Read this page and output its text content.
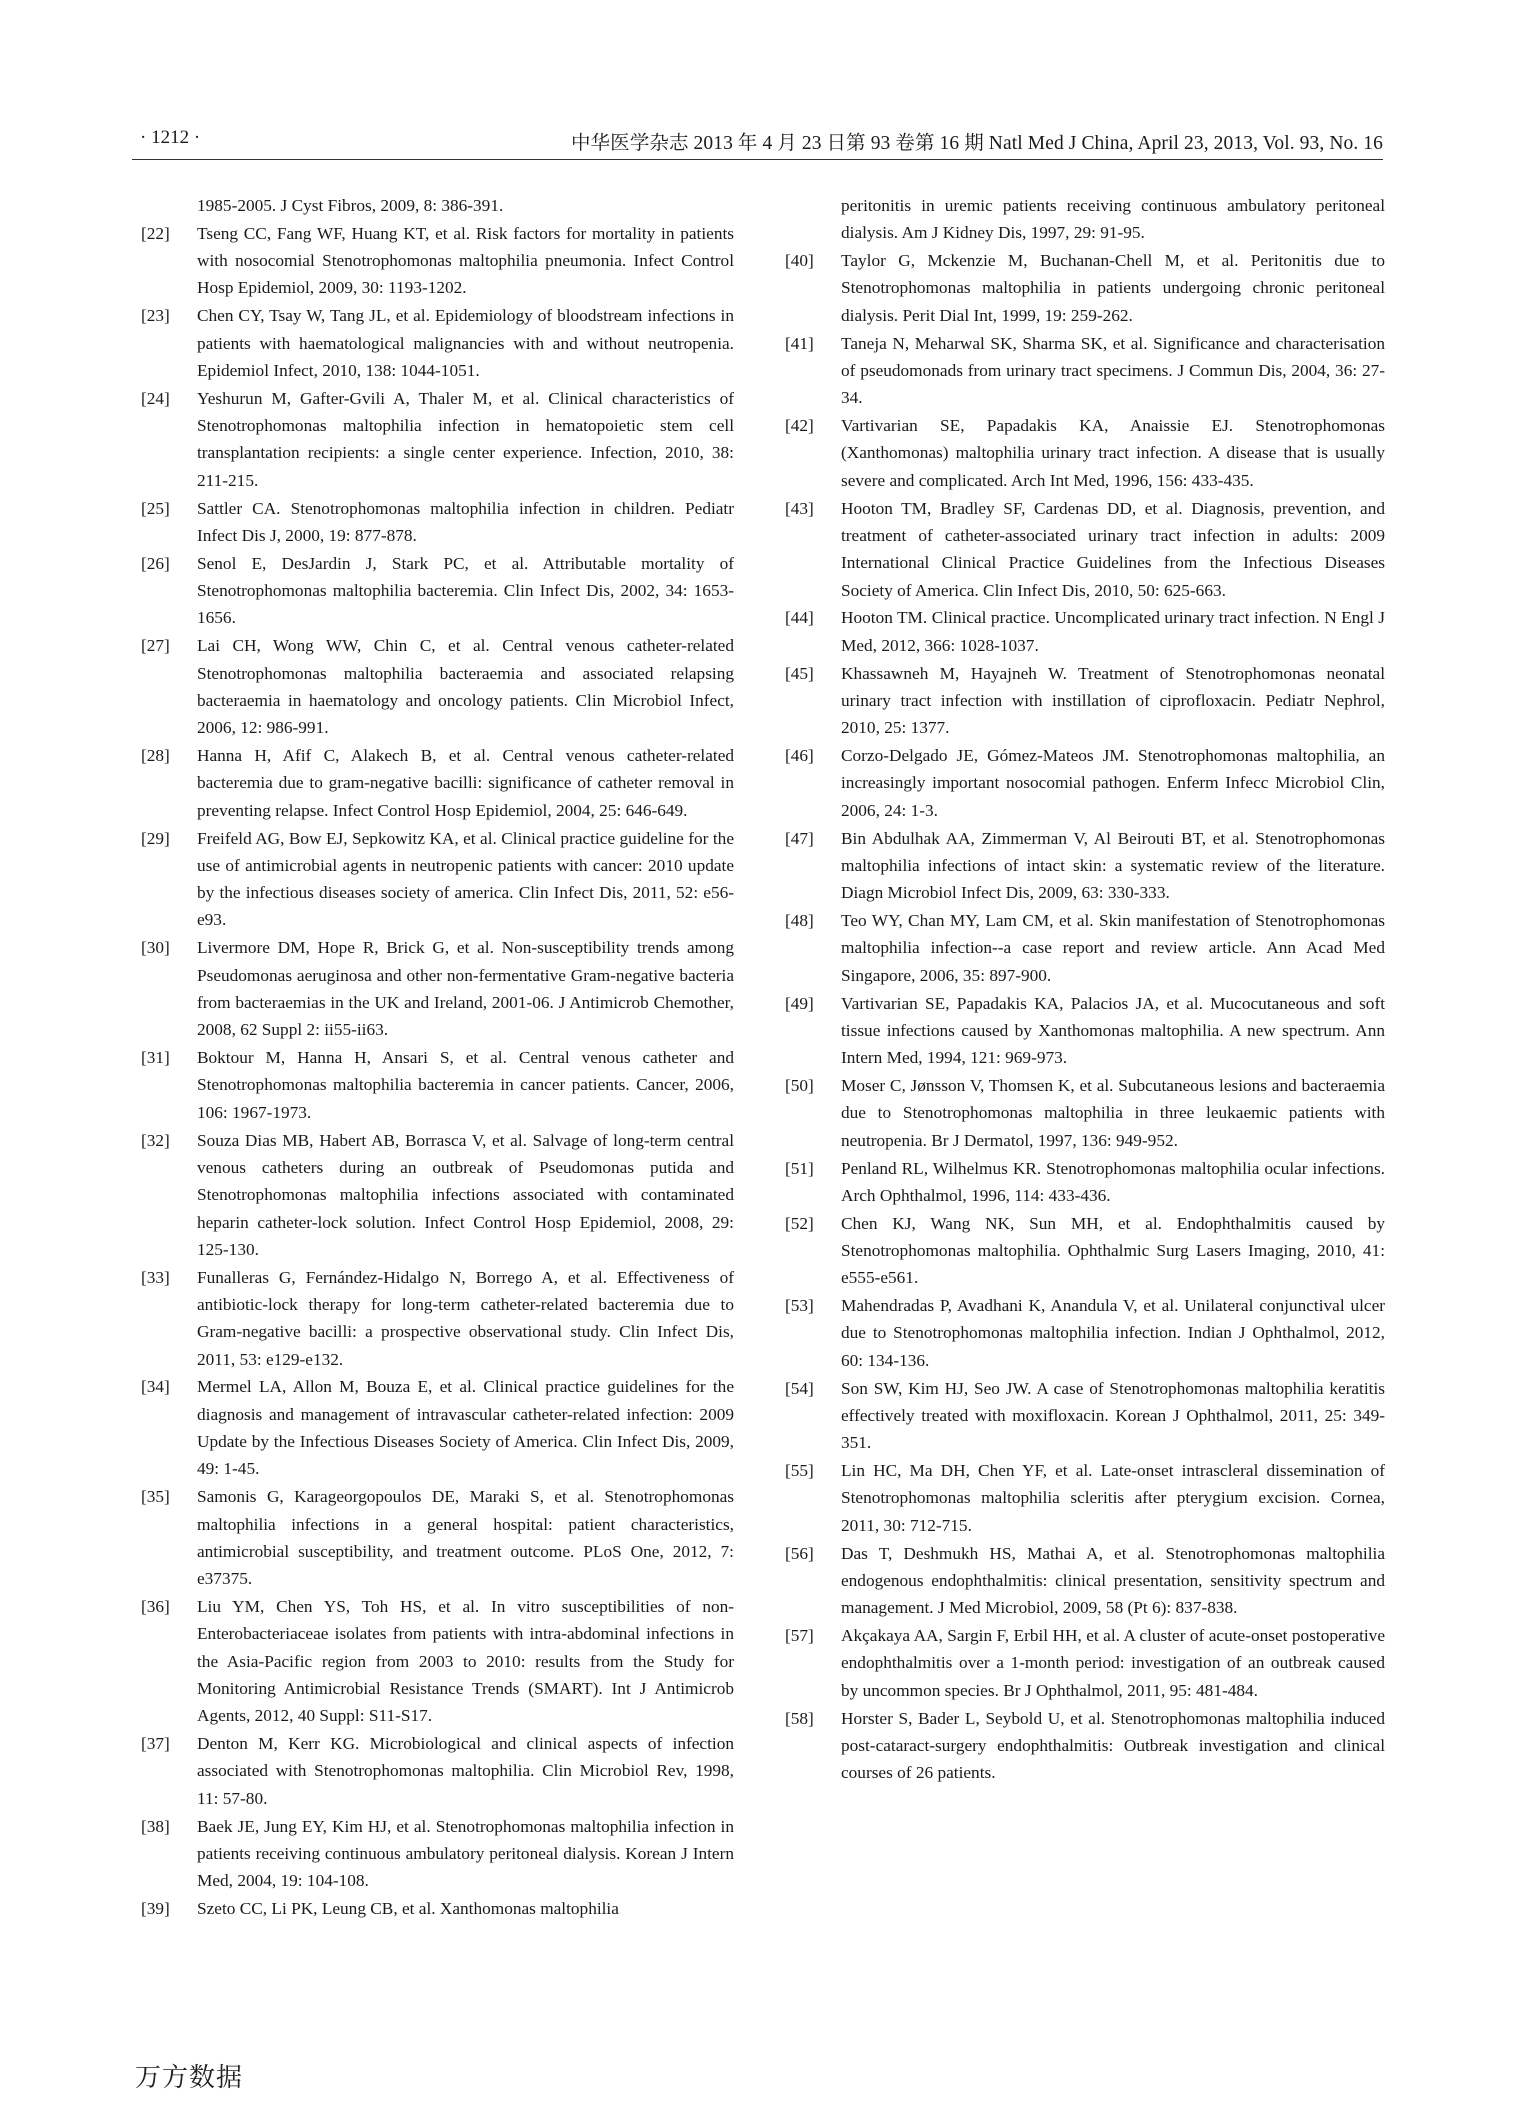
· 1212 ·	中华医学杂志 2013 年 4 月 23 日第 93 卷第 16 期 Natl Med J China, April 23, 2013, Vol. 93, No. 16
1985-2005. J Cyst Fibros, 2009, 8: 386-391.
[22]	Tseng CC, Fang WF, Huang KT, et al. Risk factors for mortality in patients with nosocomial Stenotrophomonas maltophilia pneumonia. Infect Control Hosp Epidemiol, 2009, 30: 1193-1202.
[23]	Chen CY, Tsay W, Tang JL, et al. Epidemiology of bloodstream infections in patients with haematological malignancies with and without neutropenia. Epidemiol Infect, 2010, 138: 1044-1051.
[24]	Yeshurun M, Gafter-Gvili A, Thaler M, et al. Clinical characteristics of Stenotrophomonas maltophilia infection in hematopoietic stem cell transplantation recipients: a single center experience. Infection, 2010, 38: 211-215.
[25]	Sattler CA. Stenotrophomonas maltophilia infection in children. Pediatr Infect Dis J, 2000, 19: 877-878.
[26]	Senol E, DesJardin J, Stark PC, et al. Attributable mortality of Stenotrophomonas maltophilia bacteremia. Clin Infect Dis, 2002, 34: 1653-1656.
[27]	Lai CH, Wong WW, Chin C, et al. Central venous catheter-related Stenotrophomonas maltophilia bacteraemia and associated relapsing bacteraemia in haematology and oncology patients. Clin Microbiol Infect, 2006, 12: 986-991.
[28]	Hanna H, Afif C, Alakech B, et al. Central venous catheter-related bacteremia due to gram-negative bacilli: significance of catheter removal in preventing relapse. Infect Control Hosp Epidemiol, 2004, 25: 646-649.
[29]	Freifeld AG, Bow EJ, Sepkowitz KA, et al. Clinical practice guideline for the use of antimicrobial agents in neutropenic patients with cancer: 2010 update by the infectious diseases society of america. Clin Infect Dis, 2011, 52: e56-e93.
[30]	Livermore DM, Hope R, Brick G, et al. Non-susceptibility trends among Pseudomonas aeruginosa and other non-fermentative Gram-negative bacteria from bacteraemias in the UK and Ireland, 2001-06. J Antimicrob Chemother, 2008, 62 Suppl 2: ii55-ii63.
[31]	Boktour M, Hanna H, Ansari S, et al. Central venous catheter and Stenotrophomonas maltophilia bacteremia in cancer patients. Cancer, 2006, 106: 1967-1973.
[32]	Souza Dias MB, Habert AB, Borrasca V, et al. Salvage of long-term central venous catheters during an outbreak of Pseudomonas putida and Stenotrophomonas maltophilia infections associated with contaminated heparin catheter-lock solution. Infect Control Hosp Epidemiol, 2008, 29: 125-130.
[33]	Funalleras G, Fernández-Hidalgo N, Borrego A, et al. Effectiveness of antibiotic-lock therapy for long-term catheter-related bacteremia due to Gram-negative bacilli: a prospective observational study. Clin Infect Dis, 2011, 53: e129-e132.
[34]	Mermel LA, Allon M, Bouza E, et al. Clinical practice guidelines for the diagnosis and management of intravascular catheter-related infection: 2009 Update by the Infectious Diseases Society of America. Clin Infect Dis, 2009, 49: 1-45.
[35]	Samonis G, Karageorgopoulos DE, Maraki S, et al. Stenotrophomonas maltophilia infections in a general hospital: patient characteristics, antimicrobial susceptibility, and treatment outcome. PLoS One, 2012, 7: e37375.
[36]	Liu YM, Chen YS, Toh HS, et al. In vitro susceptibilities of non-Enterobacteriaceae isolates from patients with intra-abdominal infections in the Asia-Pacific region from 2003 to 2010: results from the Study for Monitoring Antimicrobial Resistance Trends (SMART). Int J Antimicrob Agents, 2012, 40 Suppl: S11-S17.
[37]	Denton M, Kerr KG. Microbiological and clinical aspects of infection associated with Stenotrophomonas maltophilia. Clin Microbiol Rev, 1998, 11: 57-80.
[38]	Baek JE, Jung EY, Kim HJ, et al. Stenotrophomonas maltophilia infection in patients receiving continuous ambulatory peritoneal dialysis. Korean J Intern Med, 2004, 19: 104-108.
[39]	Szeto CC, Li PK, Leung CB, et al. Xanthomonas maltophilia
peritonitis in uremic patients receiving continuous ambulatory peritoneal dialysis. Am J Kidney Dis, 1997, 29: 91-95.
[40]	Taylor G, Mckenzie M, Buchanan-Chell M, et al. Peritonitis due to Stenotrophomonas maltophilia in patients undergoing chronic peritoneal dialysis. Perit Dial Int, 1999, 19: 259-262.
[41]	Taneja N, Meharwal SK, Sharma SK, et al. Significance and characterisation of pseudomonads from urinary tract specimens. J Commun Dis, 2004, 36: 27-34.
[42]	Vartivarian SE, Papadakis KA, Anaissie EJ. Stenotrophomonas (Xanthomonas) maltophilia urinary tract infection. A disease that is usually severe and complicated. Arch Int Med, 1996, 156: 433-435.
[43]	Hooton TM, Bradley SF, Cardenas DD, et al. Diagnosis, prevention, and treatment of catheter-associated urinary tract infection in adults: 2009 International Clinical Practice Guidelines from the Infectious Diseases Society of America. Clin Infect Dis, 2010, 50: 625-663.
[44]	Hooton TM. Clinical practice. Uncomplicated urinary tract infection. N Engl J Med, 2012, 366: 1028-1037.
[45]	Khassawneh M, Hayajneh W. Treatment of Stenotrophomonas neonatal urinary tract infection with instillation of ciprofloxacin. Pediatr Nephrol, 2010, 25: 1377.
[46]	Corzo-Delgado JE, Gómez-Mateos JM. Stenotrophomonas maltophilia, an increasingly important nosocomial pathogen. Enferm Infecc Microbiol Clin, 2006, 24: 1-3.
[47]	Bin Abdulhak AA, Zimmerman V, Al Beirouti BT, et al. Stenotrophomonas maltophilia infections of intact skin: a systematic review of the literature. Diagn Microbiol Infect Dis, 2009, 63: 330-333.
[48]	Teo WY, Chan MY, Lam CM, et al. Skin manifestation of Stenotrophomonas maltophilia infection--a case report and review article. Ann Acad Med Singapore, 2006, 35: 897-900.
[49]	Vartivarian SE, Papadakis KA, Palacios JA, et al. Mucocutaneous and soft tissue infections caused by Xanthomonas maltophilia. A new spectrum. Ann Intern Med, 1994, 121: 969-973.
[50]	Moser C, Jønsson V, Thomsen K, et al. Subcutaneous lesions and bacteraemia due to Stenotrophomonas maltophilia in three leukaemic patients with neutropenia. Br J Dermatol, 1997, 136: 949-952.
[51]	Penland RL, Wilhelmus KR. Stenotrophomonas maltophilia ocular infections. Arch Ophthalmol, 1996, 114: 433-436.
[52]	Chen KJ, Wang NK, Sun MH, et al. Endophthalmitis caused by Stenotrophomonas maltophilia. Ophthalmic Surg Lasers Imaging, 2010, 41: e555-e561.
[53]	Mahendradas P, Avadhani K, Anandula V, et al. Unilateral conjunctival ulcer due to Stenotrophomonas maltophilia infection. Indian J Ophthalmol, 2012, 60: 134-136.
[54]	Son SW, Kim HJ, Seo JW. A case of Stenotrophomonas maltophilia keratitis effectively treated with moxifloxacin. Korean J Ophthalmol, 2011, 25: 349-351.
[55]	Lin HC, Ma DH, Chen YF, et al. Late-onset intrascleral dissemination of Stenotrophomonas maltophilia scleritis after pterygium excision. Cornea, 2011, 30: 712-715.
[56]	Das T, Deshmukh HS, Mathai A, et al. Stenotrophomonas maltophilia endogenous endophthalmitis: clinical presentation, sensitivity spectrum and management. J Med Microbiol, 2009, 58 (Pt 6): 837-838.
[57]	Akçakaya AA, Sargin F, Erbil HH, et al. A cluster of acute-onset postoperative endophthalmitis over a 1-month period: investigation of an outbreak caused by uncommon species. Br J Ophthalmol, 2011, 95: 481-484.
[58]	Horster S, Bader L, Seybold U, et al. Stenotrophomonas maltophilia induced post-cataract-surgery endophthalmitis: Outbreak investigation and clinical courses of 26 patients.
万方数据
